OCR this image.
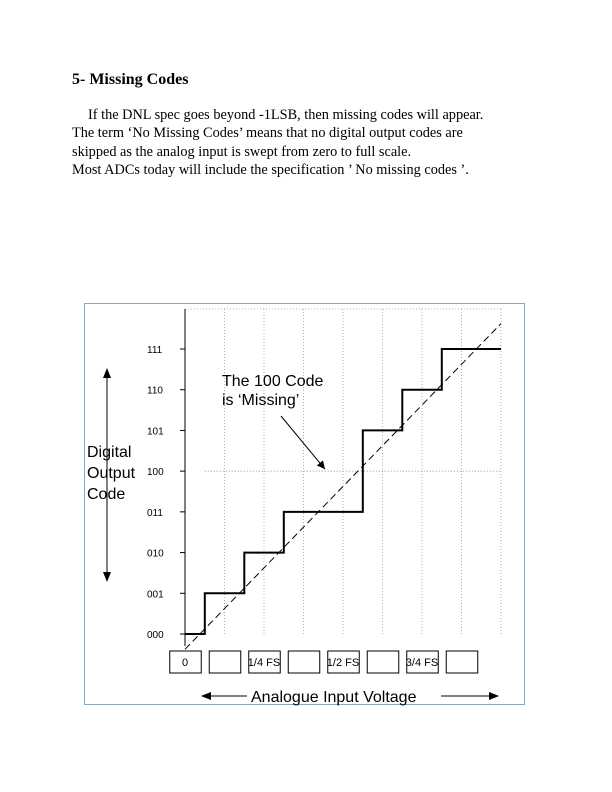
5- Missing Codes
If the DNL spec goes beyond -1LSB, then missing codes will appear.
The term ‘No Missing Codes’ means that no digital output codes are
skipped as the analog input is swept from zero to full scale.
Most ADCs today will include the specification ’ No missing codes ’.
000
001
010
011
100
101
110
111
0	1/4 FS	1/2 FS	3/4 FS
Digital
Output
Code
Analogue Input Voltage
The 100 Code
is ‘Missing’
